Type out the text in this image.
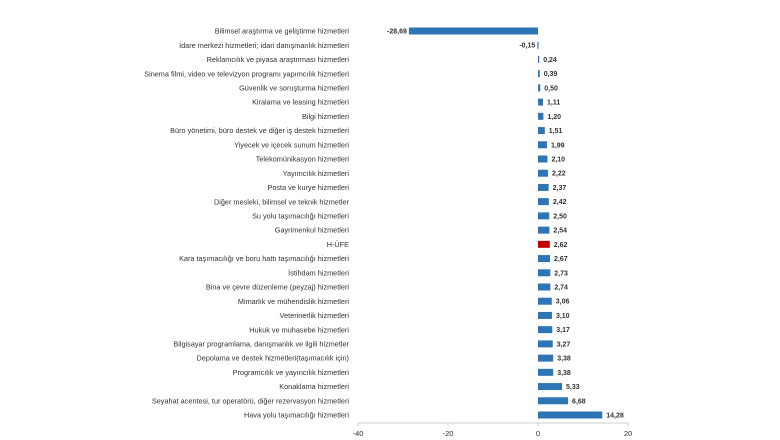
Bilimsel araştırma ve geliştirme hizmetleri
İdare merkezi hizmetleri; idari danışmanlık hizmetleri
Reklamcılık ve piyasa araştırması hizmetleri
Sinema filmi, video ve televizyon programı yapımcılık hizmetleri
Güvenlik ve soruşturma hizmetleri
Kiralama ve leasing hizmetleri
Bilgi hizmetleri
Büro yönetimi, büro destek ve diğer iş destek hizmetleri
Yiyecek ve içecek sunum hizmetleri
Telekomünikasyon hizmetleri
Yayımcılık hizmetleri
Posta ve kurye hizmetleri
Diğer mesleki, bilimsel ve teknik hizmetler
Su yolu taşımacılığı hizmetleri
Gayrimenkul hizmetleri
H-ÜFE
Kara taşımacılığı ve boru hattı taşımacılığı hizmetleri
İstihdam hizmetleri
Bina ve çevre düzenleme (peyzaj) hizmetleri
Mimarlık ve mühendislik hizmetleri
Veterinerlik hizmetleri
Hukuk ve muhasebe hizmetleri
Bilgisayar programlama, danışmanlık ve ilgili hizmetler
Depolama ve destek hizmetleri(taşımacılık için)
Programcılık ve yayıncılık hizmetleri
Konaklama hizmetleri
Seyahat acentesi, tur operatörü, diğer rezervasyon hizmetleri
Hava yolu taşımacılığı hizmetleri
-28,69
-0,15
0,24
0,39
0,50
1,11
1,20
1,51
1,99
2,10
2,22
2,37
2,42
2,50
2,54
2,62
2,67
2,73
2,74
3,06
3,10
3,17
3,27
3,38
3,38
5,33
6,68
14,28
-40	-20	0	20
